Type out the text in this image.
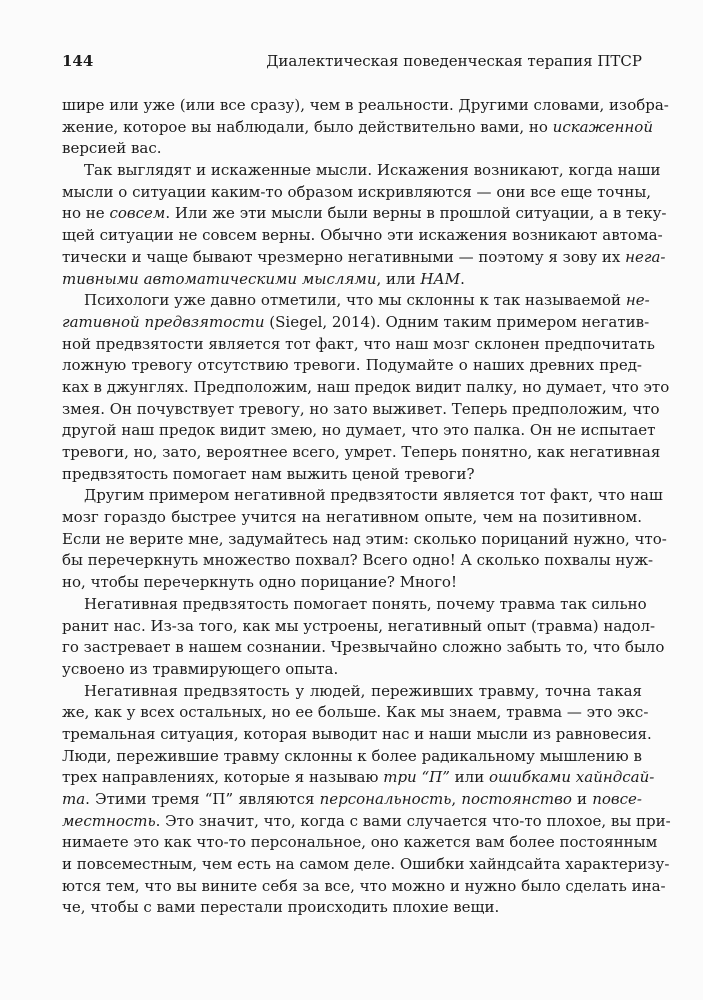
144	Диалектическая поведенческая терапия ПТСР
ширe или уже (или все сразу), чем в реальности. Другими словами, изобра-
жение, которое вы наблюдали, было действительно вами, но искаженной
версией вас.
Так выглядят и искаженные мысли. Искажения возникают, когда наши
мысли о ситуации каким-то образом искривляются — они все еще точны,
но не совсем. Или же эти мысли были верны в прошлой ситуации, а в теку-
щей ситуации не совсем верны. Обычно эти искажения возникают автома-
тически и чаще бывают чрезмерно негативными — поэтому я зову их нега-
тивными автоматическими мыслями, или НАМ.
Психологи уже давно отметили, что мы склонны к так называемой не-
гативной предвзятости (Siegel, 2014). Одним таким примером негатив-
ной предвзятости является тот факт, что наш мозг склонен предпочитать
ложную тревогу отсутствию тревоги. Подумайте о наших древних пред-
ках в джунглях. Предположим, наш предок видит палку, но думает, что это
змея. Он почувствует тревогу, но зато выживет. Теперь предположим, что
другой наш предок видит змею, но думает, что это палка. Он не испытает
тревоги, но, зато, вероятнее всего, умрет. Теперь понятно, как негативная
предвзятость помогает нам выжить ценой тревоги?
Другим примером негативной предвзятости является тот факт, что наш
мозг гораздо быстрее учится на негативном опыте, чем на позитивном.
Если не верите мне, задумайтесь над этим: сколько порицаний нужно, что-
бы перечеркнуть множество похвал? Всего одно! А сколько похвалы нуж-
но, чтобы перечеркнуть одно порицание? Много!
Негативная предвзятость помогает понять, почему травма так сильно
ранит нас. Из-за того, как мы устроены, негативный опыт (травма) надол-
го застревает в нашем сознании. Чрезвычайно сложно забыть то, что было
усвоено из травмирующего опыта.
Негативная предвзятость у людей, переживших травму, точна такая
же, как у всех остальных, но ее больше. Как мы знаем, травма — это экс-
тремальная ситуация, которая выводит нас и наши мысли из равновесия.
Люди, пережившие травму склонны к более радикальному мышлению в
трех направлениях, которые я называю три “П” или ошибками хайндсай-
та. Этими тремя “П” являются персональность, постоянство и повсе-
местность. Это значит, что, когда с вами случается что-то плохое, вы при-
нимаете это как что-то персональное, оно кажется вам более постоянным
и повсеместным, чем есть на самом деле. Ошибки хайндсайта характеризу-
ются тем, что вы вините себя за все, что можно и нужно было сделать ина-
че, чтобы с вами перестали происходить плохие вещи.
